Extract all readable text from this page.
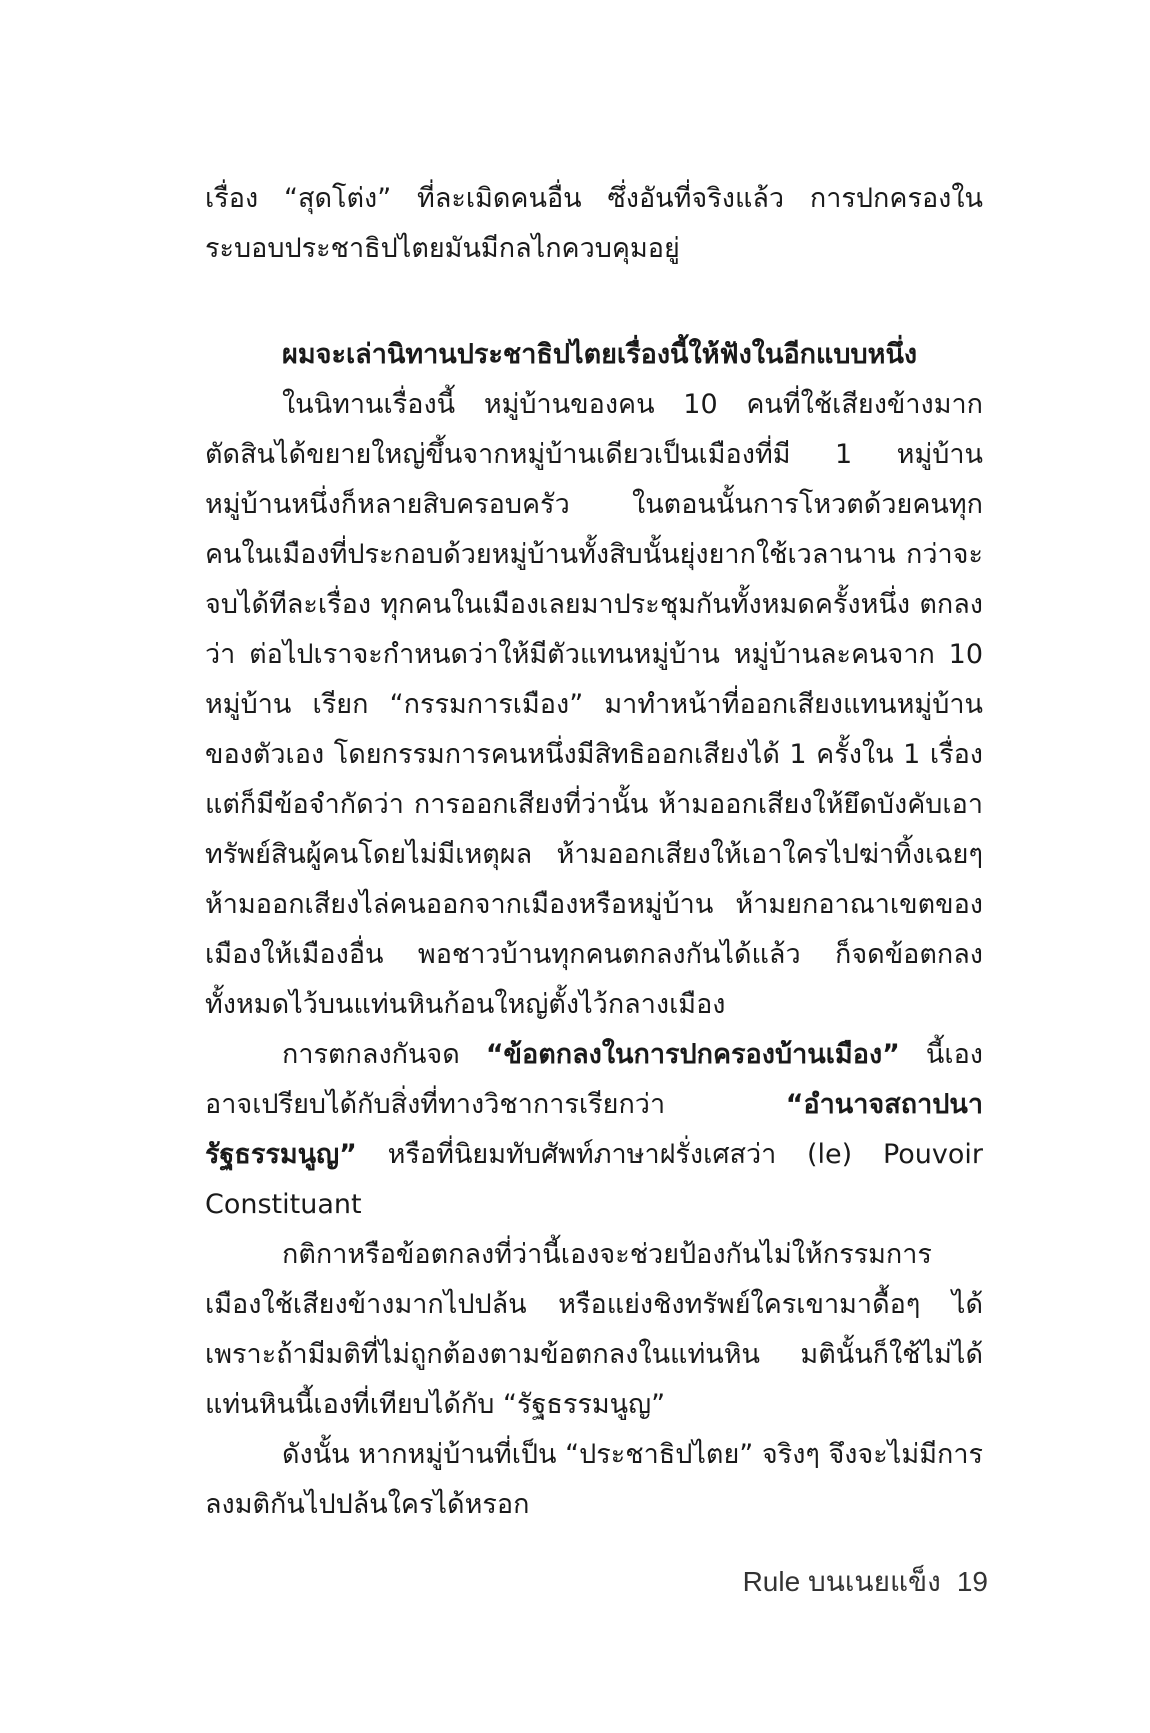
เรื่อง “สุดโต่ง” ที่ละเมิดคนอื่น ซึ่งอันที่จริงแล้ว การปกครองในระบอบประชาธิปไตยมันมีกลไกควบคุมอยู่

ผมจะเล่านิทานประชาธิปไตยเรื่องนี้ให้ฟังในอีกแบบหนึ่ง

ในนิทานเรื่องนี้ หมู่บ้านของคน 10 คนที่ใช้เสียงข้างมากตัดสินได้ขยายใหญ่ขึ้นจากหมู่บ้านเดียวเป็นเมืองที่มี 1 หมู่บ้าน หมู่บ้านหนึ่งก็หลายสิบครอบครัว ในตอนนั้นการโหวตด้วยคนทุกคนในเมืองที่ประกอบด้วยหมู่บ้านทั้งสิบนั้นยุ่งยากใช้เวลานาน กว่าจะจบได้ทีละเรื่อง ทุกคนในเมืองเลยมาประชุมกันทั้งหมดครั้งหนึ่ง ตกลงว่า ต่อไปเราจะกำหนดว่าให้มีตัวแทนหมู่บ้าน หมู่บ้านละคนจาก 10 หมู่บ้าน เรียก “กรรมการเมือง” มาทำหน้าที่ออกเสียงแทนหมู่บ้านของตัวเอง โดยกรรมการคนหนึ่งมีสิทธิออกเสียงได้ 1 ครั้งใน 1 เรื่อง แต่ก็มีข้อจำกัดว่า การออกเสียงที่ว่านั้น ห้ามออกเสียงให้ยึดบังคับเอาทรัพย์สินผู้คนโดยไม่มีเหตุผล ห้ามออกเสียงให้เอาใครไปฆ่าทิ้งเฉยๆ ห้ามออกเสียงไล่คนออกจากเมืองหรือหมู่บ้าน ห้ามยกอาณาเขตของเมืองให้เมืองอื่น พอชาวบ้านทุกคนตกลงกันได้แล้ว ก็จดข้อตกลงทั้งหมดไว้บนแท่นหินก้อนใหญ่ตั้งไว้กลางเมือง

การตกลงกันจด “ข้อตกลงในการปกครองบ้านเมือง” นี้เองอาจเปรียบได้กับสิ่งที่ทางวิชาการเรียกว่า “อำนาจสถาปนารัฐธรรมนูญ” หรือที่นิยมทับศัพท์ภาษาฝรั่งเศสว่า (le) Pouvoir Constituant

กติกาหรือข้อตกลงที่ว่านี้เองจะช่วยป้องกันไม่ให้กรรมการเมืองใช้เสียงข้างมากไปปล้น หรือแย่งชิงทรัพย์ใครเขามาดื้อๆ ได้ เพราะถ้ามีมติที่ไม่ถูกต้องตามข้อตกลงในแท่นหิน มตินั้นก็ใช้ไม่ได้ แท่นหินนี้เองที่เทียบได้กับ “รัฐธรรมนูญ”

ดังนั้น หากหมู่บ้านที่เป็น “ประชาธิปไตย” จริงๆ จึงจะไม่มีการลงมติกันไปปล้นใครได้หรอก

Rule บนเนยแข็ง 19
